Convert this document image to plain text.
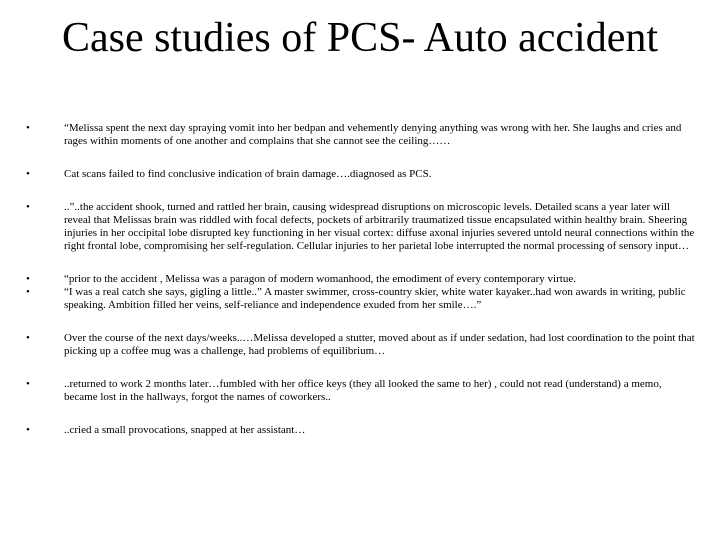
Case studies of PCS- Auto accident
•	“Melissa spent the next day spraying vomit into her bedpan and vehemently denying anything was wrong with her. She laughs and cries and rages within moments of one another and complains that she cannot see the ceiling……
•	Cat scans failed to find conclusive indication of brain damage….diagnosed as PCS.
•	..”..the accident shook, turned and rattled her brain, causing widespread disruptions on microscopic levels. Detailed scans a year later will reveal that Melissas brain was riddled with focal defects, pockets of arbitrarily traumatized tissue encapsulated within healthy brain. Sheering injuries in her occipital lobe disrupted key functioning in her visual cortex: diffuse axonal injuries severed untold neural connections within the right frontal lobe, compromising her self-regulation. Cellular injuries to her parietal lobe interrupted the normal processing of sensory input…
•	“prior to the accident , Melissa was a paragon of modern womanhood, the emodiment of every contemporary virtue.
•	“I was a real catch she says, gigling a little..” A master swimmer, cross-country skier, white water kayaker..had won awards in writing, public speaking. Ambition filled her veins, self-reliance and independence exuded from her smile….”
•	Over the course of the next days/weeks..…Melissa developed a stutter, moved about as if under sedation, had lost coordination to the point that picking up a coffee mug was a challenge, had problems of equilibrium…
•	..returned to work 2 months later…fumbled with her office keys (they all looked the same to her) , could not read (understand) a memo, became lost in the hallways, forgot the names of coworkers..
•	..cried a small provocations, snapped at her assistant…
